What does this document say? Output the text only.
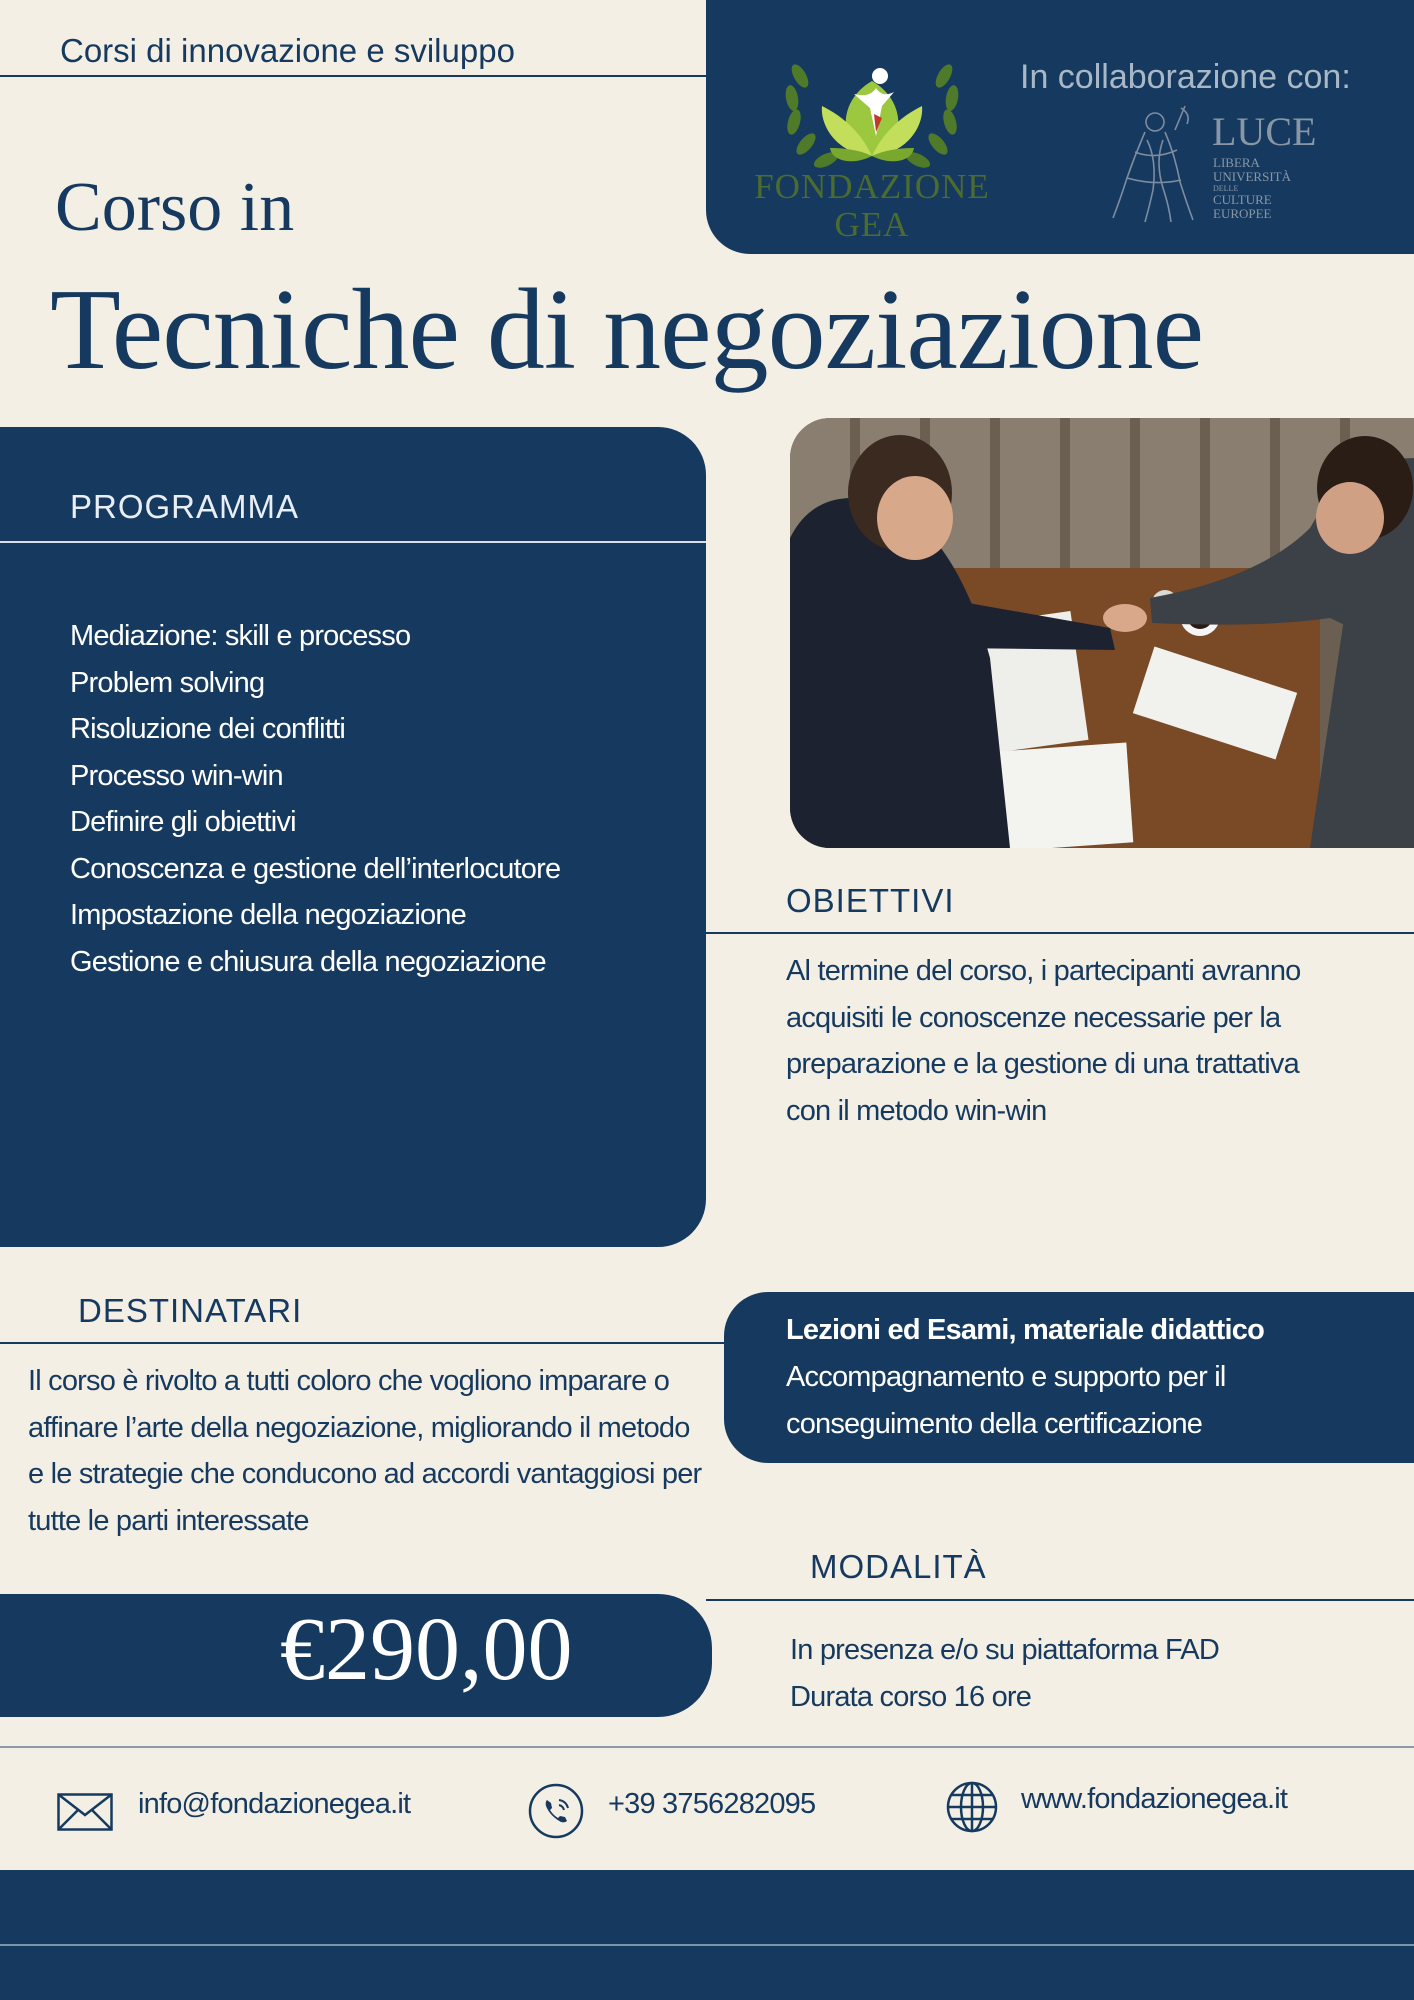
Corsi di innovazione e sviluppo
FONDAZIONE GEA
In collaborazione con:
LUCE
LIBERA
UNIVERSITÀ
DELLE
CULTURE
EUROPEE
Corso in
Tecniche di negoziazione
PROGRAMMA
Mediazione: skill e processo
Problem solving
Risoluzione dei conflitti
Processo win-win
Definire gli obiettivi
Conoscenza e gestione dell’interlocutore
Impostazione della negoziazione
Gestione e chiusura della negoziazione
OBIETTIVI
Al termine del corso, i partecipanti avranno acquisiti le conoscenze necessarie per la preparazione e la gestione di una trattativa con il metodo win-win
DESTINATARI
Il corso è rivolto a tutti coloro che vogliono imparare o affinare l’arte della negoziazione, migliorando il metodo e le strategie che conducono ad accordi vantaggiosi per tutte le parti interessate
Lezioni ed Esami, materiale didattico
Accompagnamento e supporto per il conseguimento della certificazione
MODALITÀ
In presenza e/o su piattaforma FAD
Durata corso 16 ore
€290,00
info@fondazionegea.it	+39 3756282095	www.fondazionegea.it
